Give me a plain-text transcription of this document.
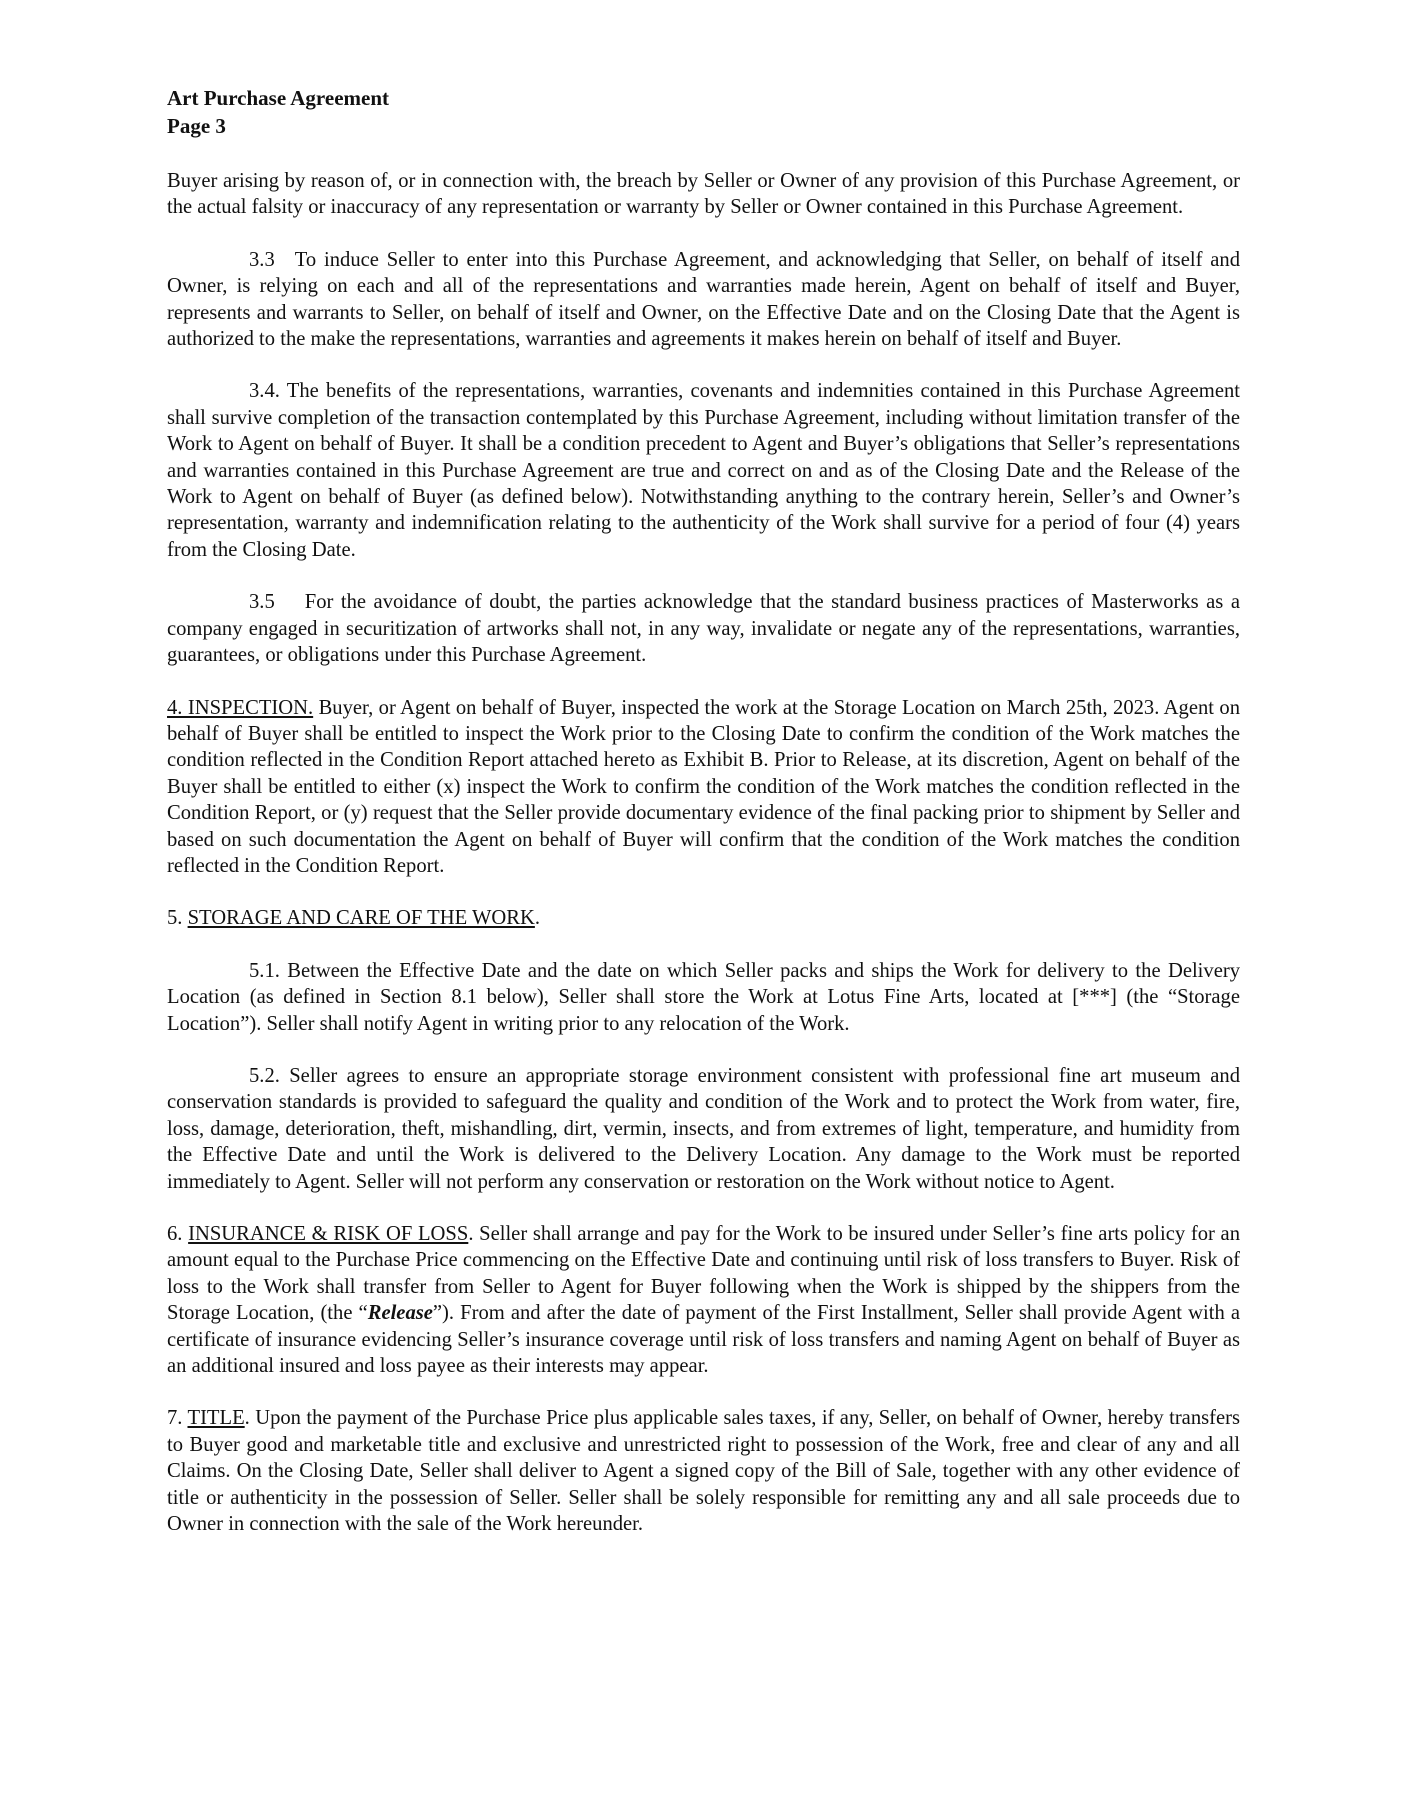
Art Purchase Agreement
Page 3

Buyer arising by reason of, or in connection with, the breach by Seller or Owner of any provision of this Purchase Agreement, or the actual falsity or inaccuracy of any representation or warranty by Seller or Owner contained in this Purchase Agreement.

3.3 To induce Seller to enter into this Purchase Agreement, and acknowledging that Seller, on behalf of itself and Owner, is relying on each and all of the representations and warranties made herein, Agent on behalf of itself and Buyer, represents and warrants to Seller, on behalf of itself and Owner, on the Effective Date and on the Closing Date that the Agent is authorized to the make the representations, warranties and agreements it makes herein on behalf of itself and Buyer.

3.4. The benefits of the representations, warranties, covenants and indemnities contained in this Purchase Agreement shall survive completion of the transaction contemplated by this Purchase Agreement, including without limitation transfer of the Work to Agent on behalf of Buyer. It shall be a condition precedent to Agent and Buyer’s obligations that Seller’s representations and warranties contained in this Purchase Agreement are true and correct on and as of the Closing Date and the Release of the Work to Agent on behalf of Buyer (as defined below). Notwithstanding anything to the contrary herein, Seller’s and Owner’s representation, warranty and indemnification relating to the authenticity of the Work shall survive for a period of four (4) years from the Closing Date.

3.5 For the avoidance of doubt, the parties acknowledge that the standard business practices of Masterworks as a company engaged in securitization of artworks shall not, in any way, invalidate or negate any of the representations, warranties, guarantees, or obligations under this Purchase Agreement.

4. INSPECTION. Buyer, or Agent on behalf of Buyer, inspected the work at the Storage Location on March 25th, 2023. Agent on behalf of Buyer shall be entitled to inspect the Work prior to the Closing Date to confirm the condition of the Work matches the condition reflected in the Condition Report attached hereto as Exhibit B. Prior to Release, at its discretion, Agent on behalf of the Buyer shall be entitled to either (x) inspect the Work to confirm the condition of the Work matches the condition reflected in the Condition Report, or (y) request that the Seller provide documentary evidence of the final packing prior to shipment by Seller and based on such documentation the Agent on behalf of Buyer will confirm that the condition of the Work matches the condition reflected in the Condition Report.

5. STORAGE AND CARE OF THE WORK.

5.1. Between the Effective Date and the date on which Seller packs and ships the Work for delivery to the Delivery Location (as defined in Section 8.1 below), Seller shall store the Work at Lotus Fine Arts, located at [***] (the “Storage Location”). Seller shall notify Agent in writing prior to any relocation of the Work.

5.2. Seller agrees to ensure an appropriate storage environment consistent with professional fine art museum and conservation standards is provided to safeguard the quality and condition of the Work and to protect the Work from water, fire, loss, damage, deterioration, theft, mishandling, dirt, vermin, insects, and from extremes of light, temperature, and humidity from the Effective Date and until the Work is delivered to the Delivery Location. Any damage to the Work must be reported immediately to Agent. Seller will not perform any conservation or restoration on the Work without notice to Agent.

6. INSURANCE & RISK OF LOSS. Seller shall arrange and pay for the Work to be insured under Seller’s fine arts policy for an amount equal to the Purchase Price commencing on the Effective Date and continuing until risk of loss transfers to Buyer. Risk of loss to the Work shall transfer from Seller to Agent for Buyer following when the Work is shipped by the shippers from the Storage Location, (the “Release”). From and after the date of payment of the First Installment, Seller shall provide Agent with a certificate of insurance evidencing Seller’s insurance coverage until risk of loss transfers and naming Agent on behalf of Buyer as an additional insured and loss payee as their interests may appear.

7. TITLE. Upon the payment of the Purchase Price plus applicable sales taxes, if any, Seller, on behalf of Owner, hereby transfers to Buyer good and marketable title and exclusive and unrestricted right to possession of the Work, free and clear of any and all Claims. On the Closing Date, Seller shall deliver to Agent a signed copy of the Bill of Sale, together with any other evidence of title or authenticity in the possession of Seller. Seller shall be solely responsible for remitting any and all sale proceeds due to Owner in connection with the sale of the Work hereunder.
